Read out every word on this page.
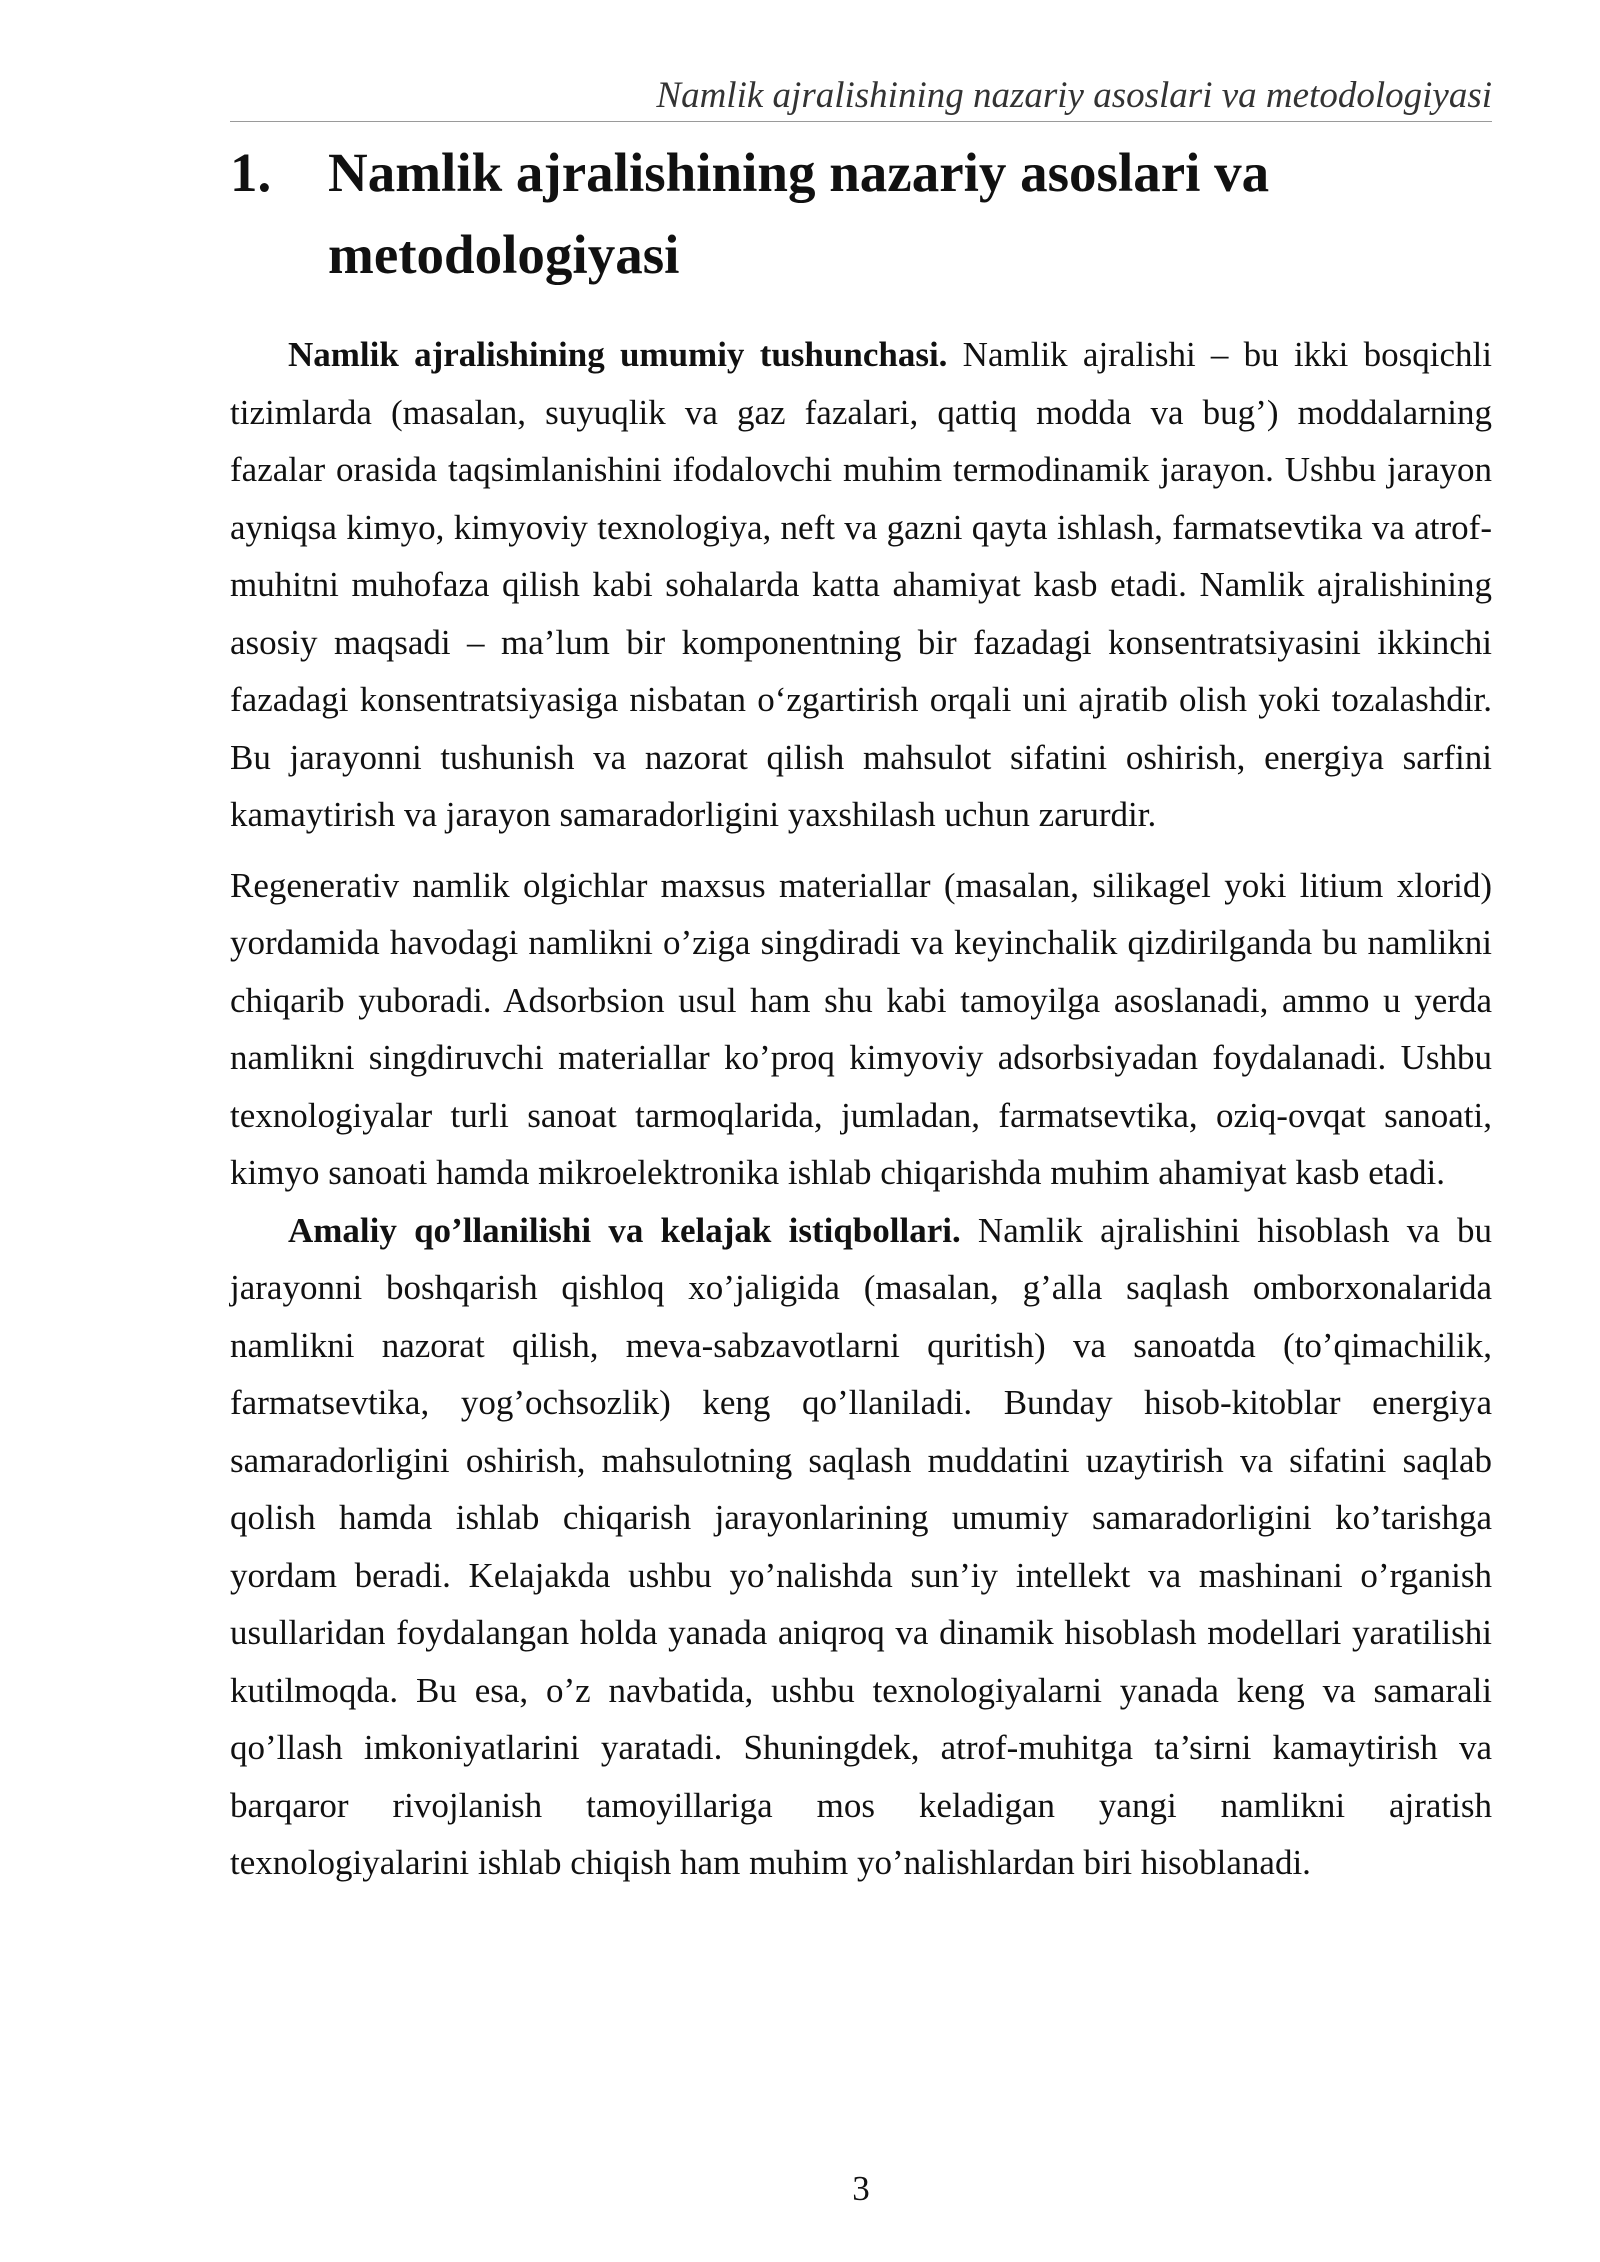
Namlik ajralishining nazariy asoslari va metodologiyasi
1.	Namlik ajralishining nazariy asoslari va metodologiyasi

Namlik ajralishining umumiy tushunchasi. Namlik ajralishi – bu ikki bosqichli tizimlarda (masalan, suyuqlik va gaz fazalari, qattiq modda va bug’) moddalarning fazalar orasida taqsimlanishini ifodalovchi muhim termodinamik jarayon. Ushbu jarayon ayniqsa kimyo, kimyoviy texnologiya, neft va gazni qayta ishlash, farmatsevtika va atrof-muhitni muhofaza qilish kabi sohalarda katta ahamiyat kasb etadi. Namlik ajralishining asosiy maqsadi – ma’lum bir komponentning bir fazadagi konsentratsiyasini ikkinchi fazadagi konsentratsiyasiga nisbatan o‘zgartirish orqali uni ajratib olish yoki tozalashdir. Bu jarayonni tushunish va nazorat qilish mahsulot sifatini oshirish, energiya sarfini kamaytirish va jarayon samaradorligini yaxshilash uchun zarurdir.

Regenerativ namlik olgichlar maxsus materiallar (masalan, silikagel yoki litium xlorid) yordamida havodagi namlikni o’ziga singdiradi va keyinchalik qizdirilganda bu namlikni chiqarib yuboradi. Adsorbsion usul ham shu kabi tamoyilga asoslanadi, ammo u yerda namlikni singdiruvchi materiallar ko’proq kimyoviy adsorbsiyadan foydalanadi. Ushbu texnologiyalar turli sanoat tarmoqlarida, jumladan, farmatsevtika, oziq-ovqat sanoati, kimyo sanoati hamda mikroelektronika ishlab chiqarishda muhim ahamiyat kasb etadi.

Amaliy qo’llanilishi va kelajak istiqbollari. Namlik ajralishini hisoblash va bu jarayonni boshqarish qishloq xo’jaligida (masalan, g’alla saqlash omborxonalarida namlikni nazorat qilish, meva-sabzavotlarni quritish) va sanoatda (to’qimachilik, farmatsevtika, yog’ochsozlik) keng qo’llaniladi. Bunday hisob-kitoblar energiya samaradorligini oshirish, mahsulotning saqlash muddatini uzaytirish va sifatini saqlab qolish hamda ishlab chiqarish jarayonlarining umumiy samaradorligini ko’tarishga yordam beradi. Kelajakda ushbu yo’nalishda sun’iy intellekt va mashinani o’rganish usullaridan foydalangan holda yanada aniqroq va dinamik hisoblash modellari yaratilishi kutilmoqda. Bu esa, o’z navbatida, ushbu texnologiyalarni yanada keng va samarali qo’llash imkoniyatlarini yaratadi. Shuningdek, atrof-muhitga ta’sirni kamaytirish va barqaror rivojlanish tamoyillariga mos keladigan yangi namlikni ajratish texnologiyalarini ishlab chiqish ham muhim yo’nalishlardan biri hisoblanadi.

3
